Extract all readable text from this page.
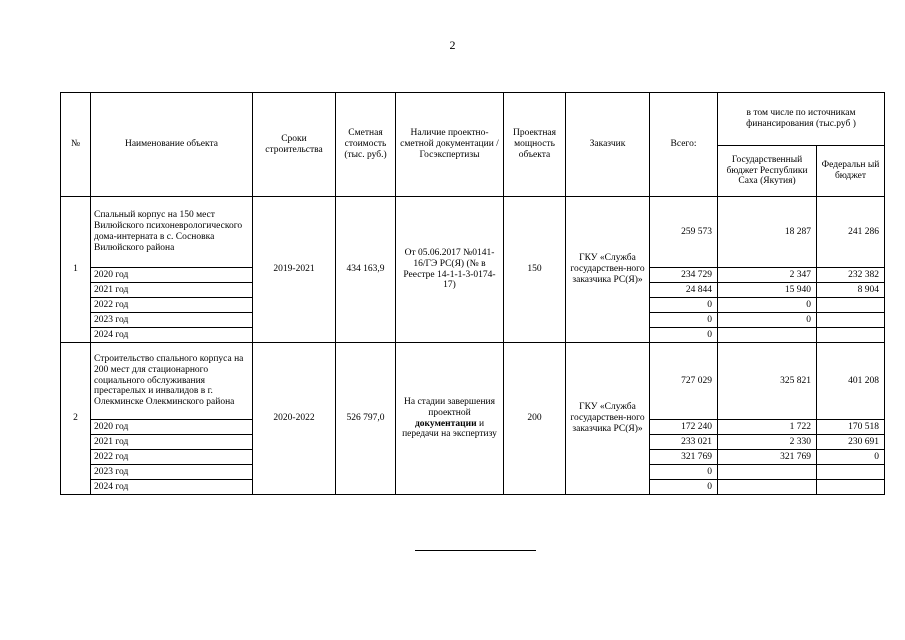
2
№	Наименование объекта	Сроки строительства	Сметная стоимость (тыс. руб.)	Наличие проектно-сметной документации /Госэкспертизы	Проектная мощность объекта	Заказчик	Всего:	в том числе по источникам финансирования (тыс.руб )	
								Государственный бюджет Республики Саха (Якутия)	Федеральн ый бюджет
1	Спальный корпус на 150 мест Вилюйского психоневрологического дома-интерната в с. Сосновка Вилюйского района	2019-2021	434 163,9	От 05.06.2017 №0141-16/ГЭ РС(Я) (№ в Реестре 14-1-1-3-0174-17)	150	ГКУ «Служба государствен-ного заказчика РС(Я)»	259 573	18 287	241 286
	2020 год						234 729	2 347	232 382
	2021 год						24 844	15 940	8 904
	2022 год						0	0	
	2023 год						0	0	
	2024 год						0		
2	Строительство спального корпуса на 200 мест для стационарного социального обслуживания престарелых и инвалидов в г. Олекминске Олекминского района	2020-2022	526 797,0	На стадии завершения проектной документации и передачи на экспертизу	200	ГКУ «Служба государствен-ного заказчика РС(Я)»	727 029	325 821	401 208
	2020 год						172 240	1 722	170 518
	2021 год						233 021	2 330	230 691
	2022 год						321 769	321 769	0
	2023 год						0		
	2024 год						0		
